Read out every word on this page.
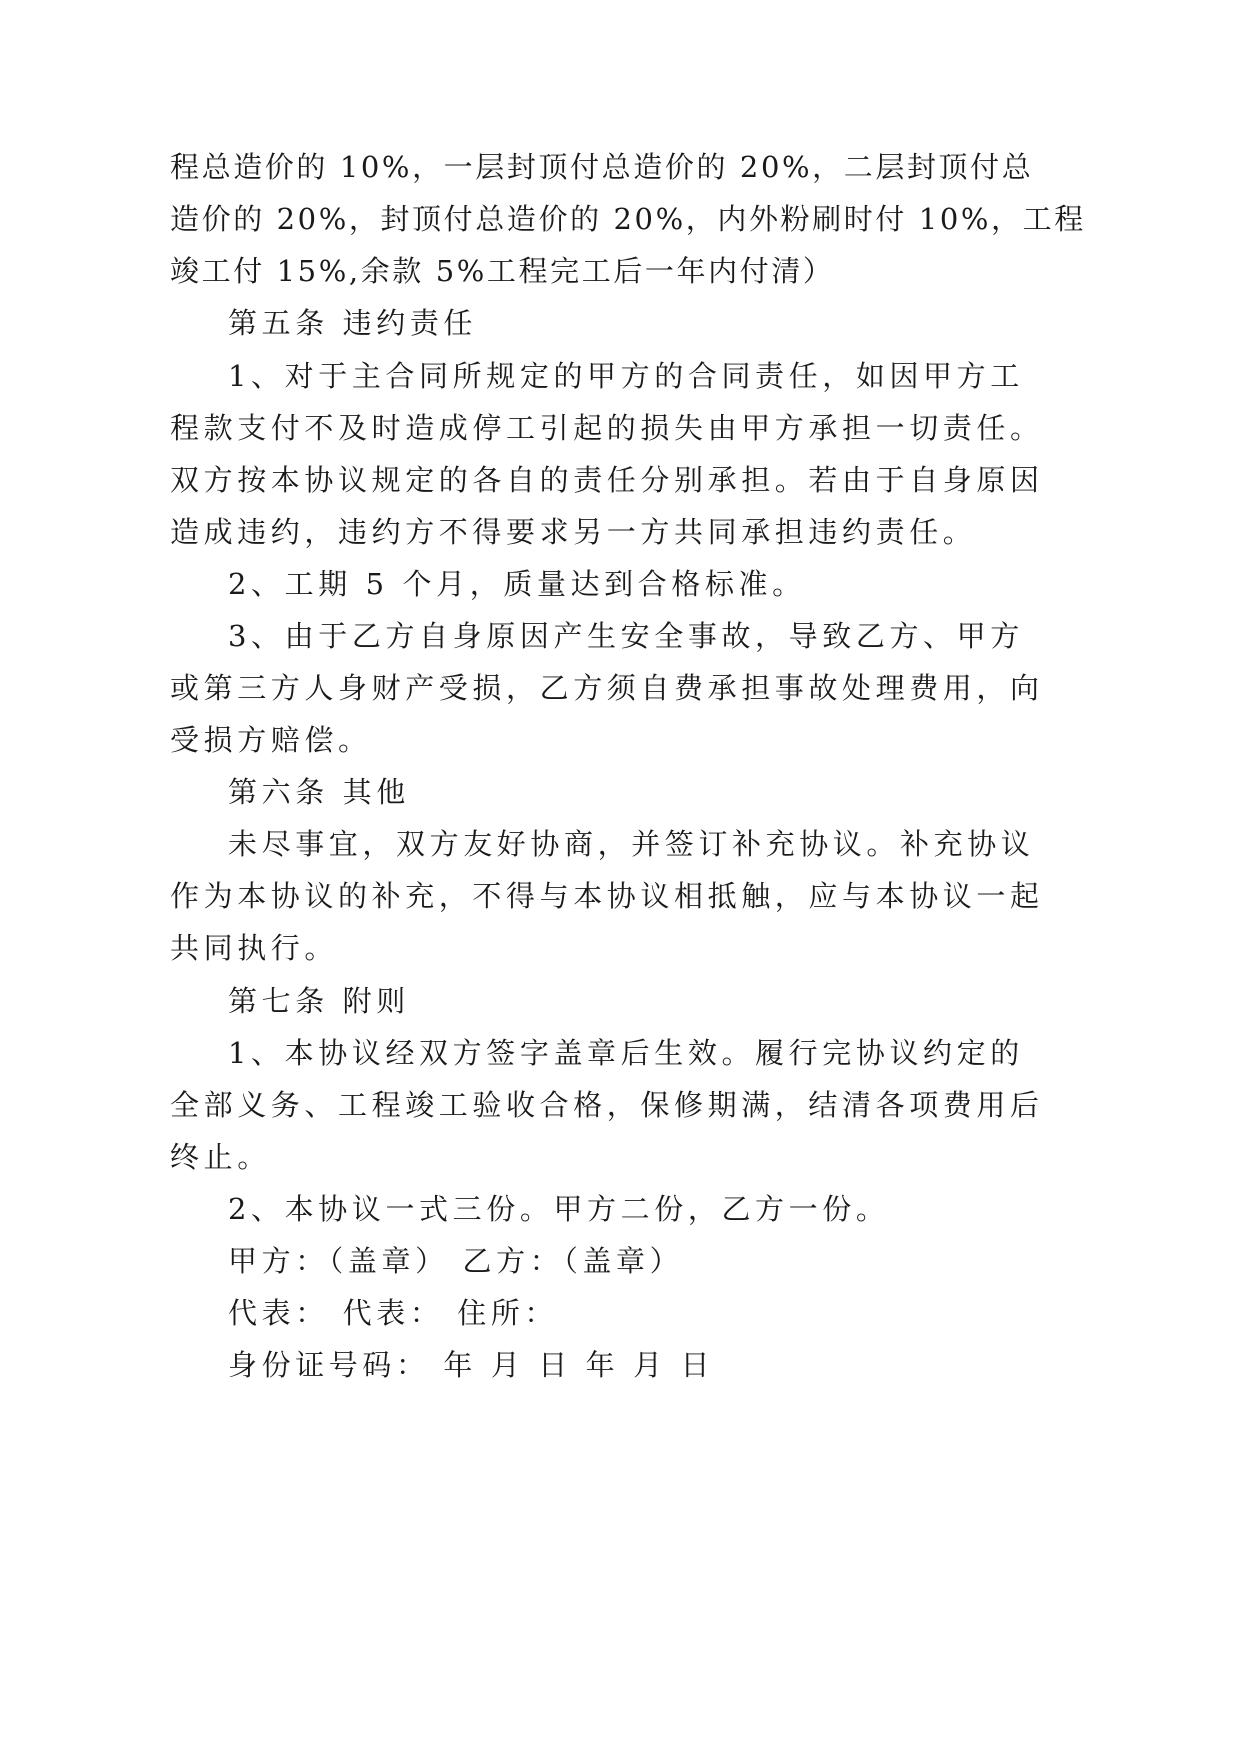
程总造价的 10%，一层封顶付总造价的 20%，二层封顶付总
造价的 20%，封顶付总造价的 20%，内外粉刷时付 10%，工程
竣工付 15%,余款 5%工程完工后一年内付清）
第五条 违约责任
1、对于主合同所规定的甲方的合同责任，如因甲方工
程款支付不及时造成停工引起的损失由甲方承担一切责任。
双方按本协议规定的各自的责任分别承担。若由于自身原因
造成违约，违约方不得要求另一方共同承担违约责任。
2、工期 5 个月，质量达到合格标准。
3、由于乙方自身原因产生安全事故，导致乙方、甲方
或第三方人身财产受损，乙方须自费承担事故处理费用，向
受损方赔偿。
第六条 其他
未尽事宜，双方友好协商，并签订补充协议。补充协议
作为本协议的补充，不得与本协议相抵触，应与本协议一起
共同执行。
第七条 附则
1、本协议经双方签字盖章后生效。履行完协议约定的
全部义务、工程竣工验收合格，保修期满，结清各项费用后
终止。
2、本协议一式三份。甲方二份，乙方一份。
甲方：（盖章） 乙方：（盖章）
代表： 代表： 住所：
身份证号码： 年 月 日 年 月 日
